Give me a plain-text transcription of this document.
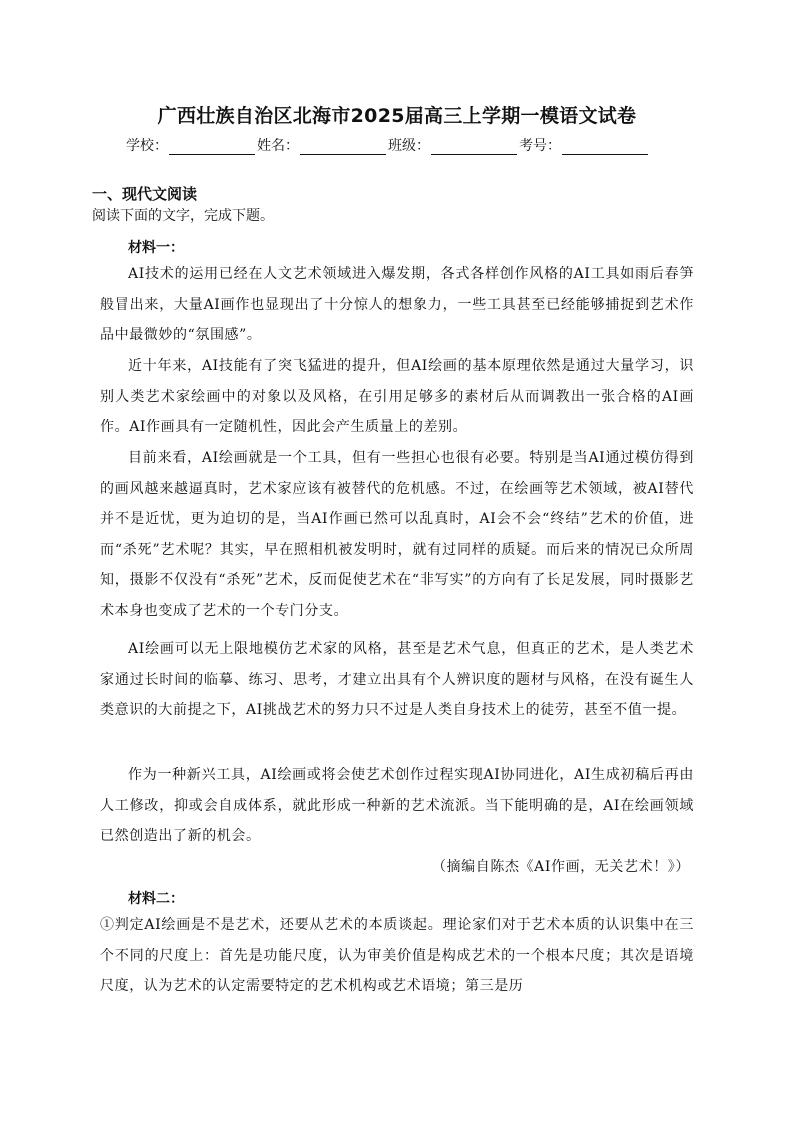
广西壮族自治区北海市2025届高三上学期一模语文试卷
学校：	姓名：	班级：	考号：
一、现代文阅读
阅读下面的文字，完成下题。
材料一：

AI技术的运用已经在人文艺术领域进入爆发期，各式各样创作风格的AI工具如雨后春笋般冒出来，大量AI画作也显现出了十分惊人的想象力，一些工具甚至已经能够捕捉到艺术作品中最微妙的“氛围感”。

近十年来，AI技能有了突飞猛进的提升，但AI绘画的基本原理依然是通过大量学习，识别人类艺术家绘画中的对象以及风格，在引用足够多的素材后从而调教出一张合格的AI画作。AI作画具有一定随机性，因此会产生质量上的差别。

目前来看，AI绘画就是一个工具，但有一些担心也很有必要。特别是当AI通过模仿得到的画风越来越逼真时，艺术家应该有被替代的危机感。不过，在绘画等艺术领域，被AI替代并不是近忧，更为迫切的是，当AI作画已然可以乱真时，AI会不会“终结”艺术的价值，进而“杀死”艺术呢？其实，早在照相机被发明时，就有过同样的质疑。而后来的情况已众所周知，摄影不仅没有“杀死”艺术，反而促使艺术在“非写实”的方向有了长足发展，同时摄影艺术本身也变成了艺术的一个专门分支。

AI绘画可以无上限地模仿艺术家的风格，甚至是艺术气息，但真正的艺术，是人类艺术家通过长时间的临摹、练习、思考，才建立出具有个人辨识度的题材与风格，在没有诞生人类意识的大前提之下，AI挑战艺术的努力只不过是人类自身技术上的徒劳，甚至不值一提。

作为一种新兴工具，AI绘画或将会使艺术创作过程实现AI协同进化，AI生成初稿后再由人工修改，抑或会自成体系，就此形成一种新的艺术流派。当下能明确的是，AI在绘画领域已然创造出了新的机会。

（摘编自陈杰《AI作画，无关艺术！》）
材料二：

①判定AI绘画是不是艺术，还要从艺术的本质谈起。理论家们对于艺术本质的认识集中在三个不同的尺度上：首先是功能尺度，认为审美价值是构成艺术的一个根本尺度；其次是语境尺度，认为艺术的认定需要特定的艺术机构或艺术语境；第三是历
